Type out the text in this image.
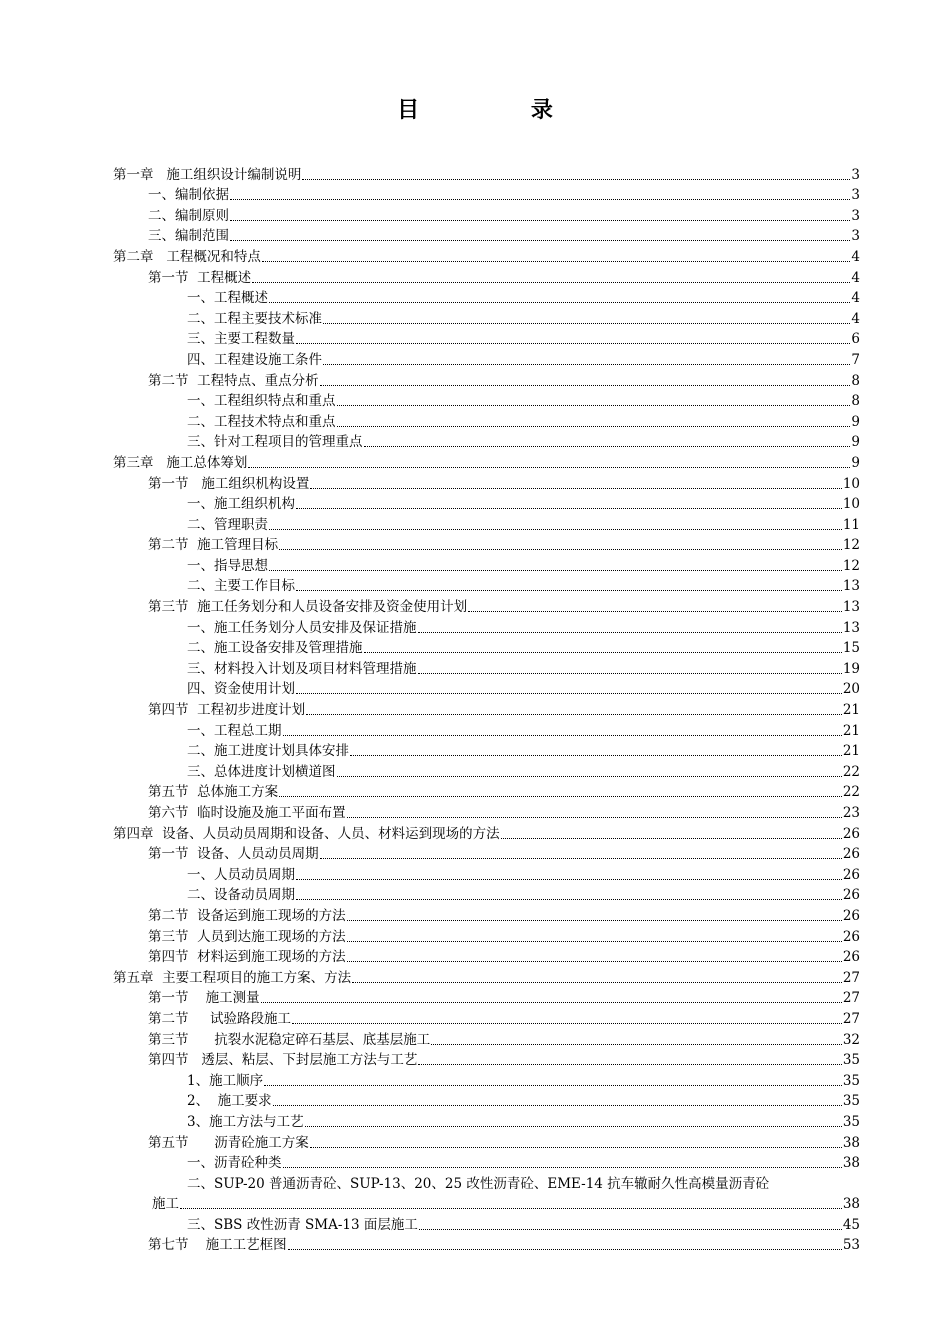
目 录
第一章   施工组织设计编制说明	3
一、编制依据	3
二、编制原则	3
三、编制范围	3
第二章   工程概况和特点	4
第一节  工程概述	4
一、工程概述	4
二、工程主要技术标准	4
三、主要工程数量	6
四、工程建设施工条件	7
第二节  工程特点、重点分析	8
一、工程组织特点和重点	8
二、工程技术特点和重点	9
三、针对工程项目的管理重点	9
第三章   施工总体筹划	9
第一节   施工组织机构设置	10
一、施工组织机构	10
二、管理职责	11
第二节  施工管理目标	12
一、指导思想	12
二、主要工作目标	13
第三节  施工任务划分和人员设备安排及资金使用计划	13
一、施工任务划分人员安排及保证措施	13
二、施工设备安排及管理措施	15
三、材料投入计划及项目材料管理措施	19
四、资金使用计划	20
第四节  工程初步进度计划	21
一、工程总工期	21
二、施工进度计划具体安排	21
三、总体进度计划横道图	22
第五节  总体施工方案	22
第六节  临时设施及施工平面布置	23
第四章  设备、人员动员周期和设备、人员、材料运到现场的方法	26
第一节  设备、人员动员周期	26
一、人员动员周期	26
二、设备动员周期	26
第二节  设备运到施工现场的方法	26
第三节  人员到达施工现场的方法	26
第四节  材料运到施工现场的方法	26
第五章  主要工程项目的施工方案、方法	27
第一节    施工测量	27
第二节     试验路段施工	27
第三节      抗裂水泥稳定碎石基层、底基层施工	32
第四节   透层、粘层、下封层施工方法与工艺	35
1、施工顺序	35
2、  施工要求	35
3、施工方法与工艺	35
第五节      沥青砼施工方案	38
一、沥青砼种类	38
二、SUP-20 普通沥青砼、SUP-13、20、25 改性沥青砼、EME-14 抗车辙耐久性高模量沥青砼
施工	38
三、SBS 改性沥青 SMA-13 面层施工	45
第七节    施工工艺框图	53
